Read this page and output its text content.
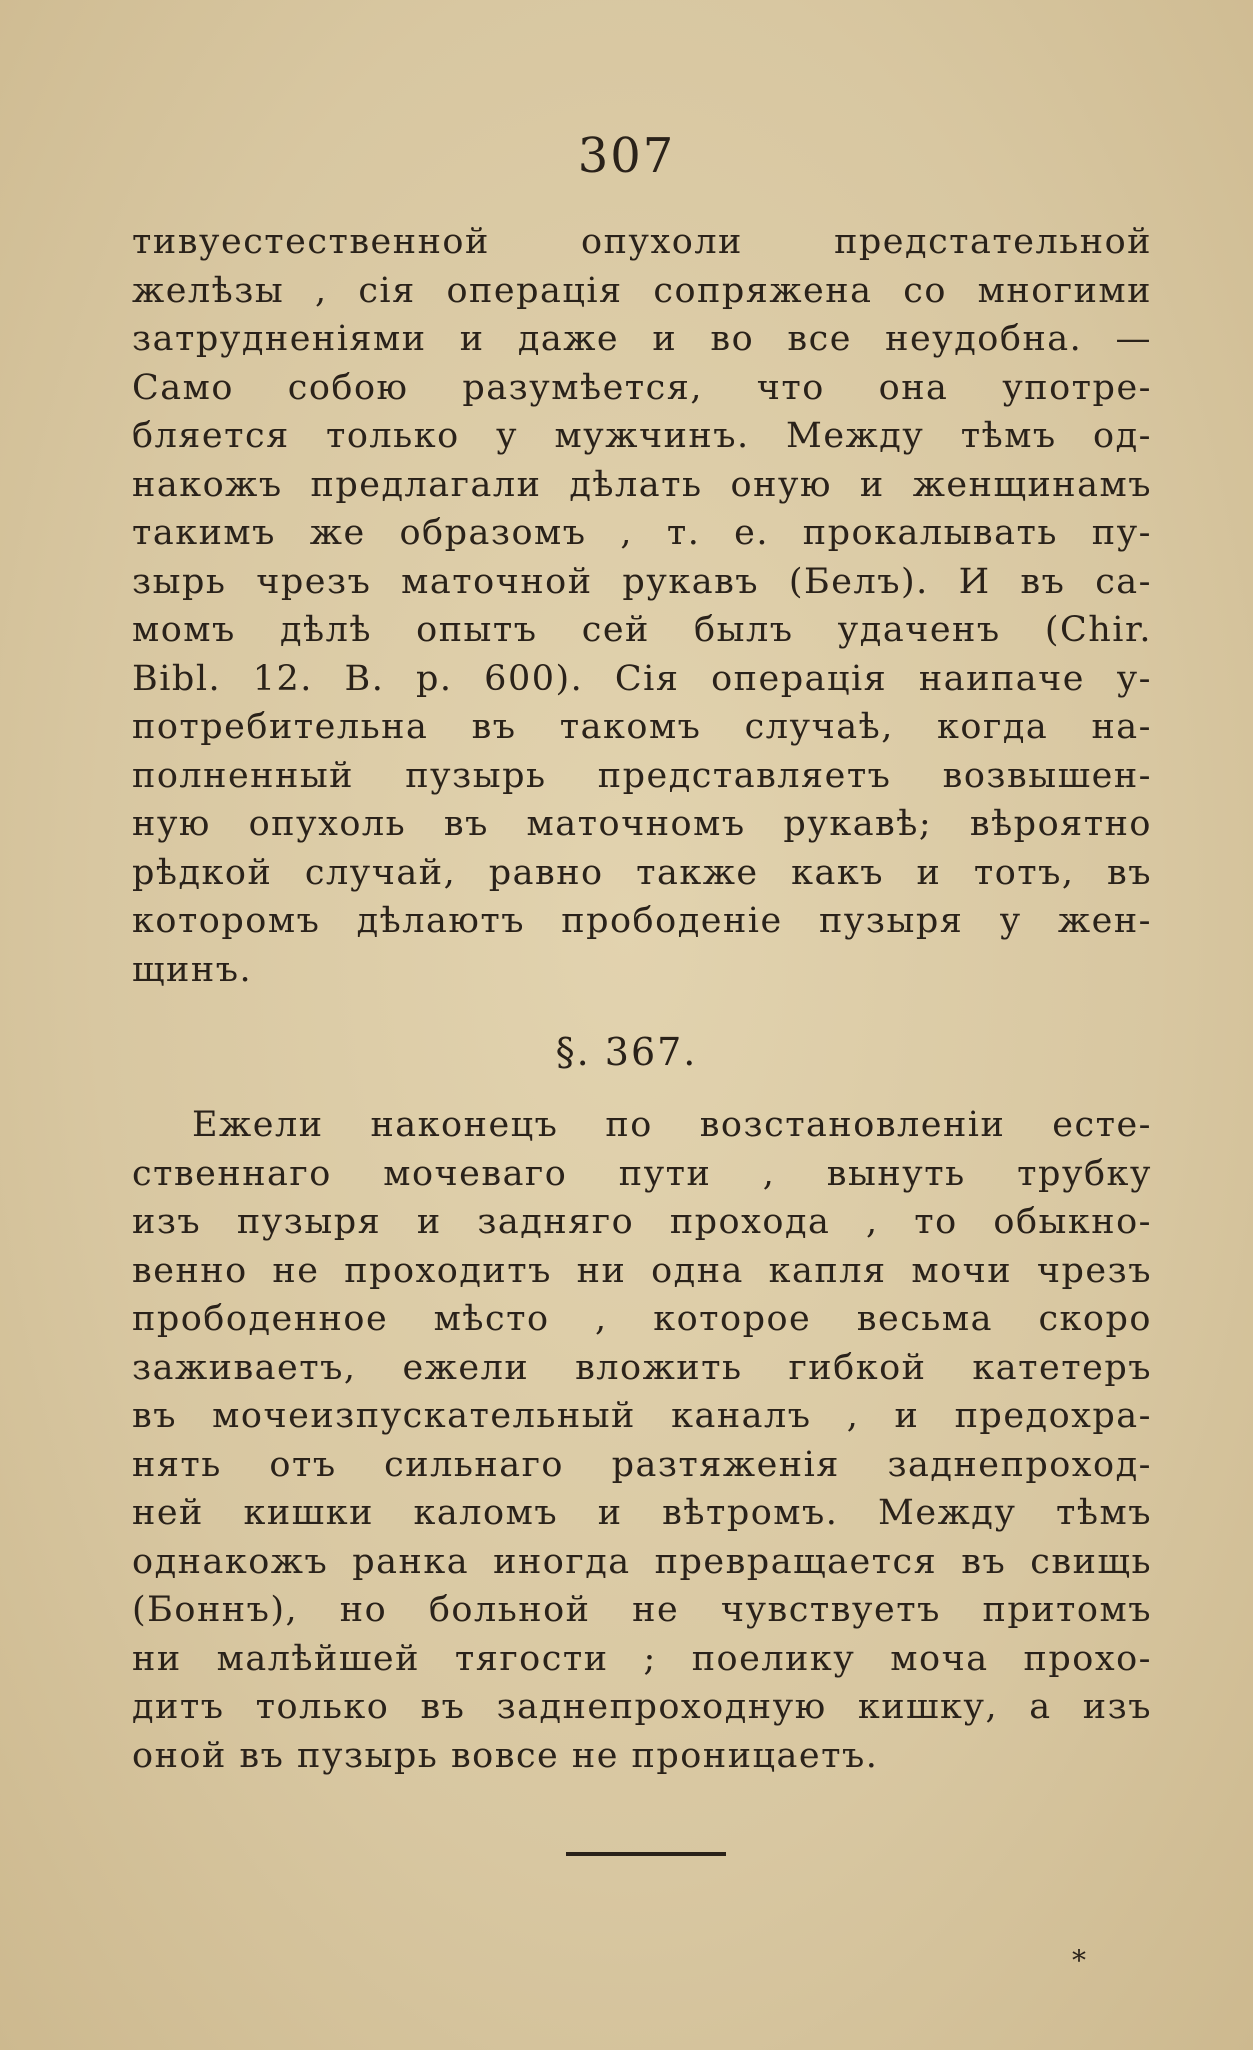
307
тивуестественной опухоли предстательной
желѣзы , сія операція сопряжена со многими
затрудненіями и даже и во все неудобна. —
Само собою разумѣется, что она употре-
бляется только у мужчинъ. Между тѣмъ од-
накожъ предлагали дѣлать оную и женщинамъ
такимъ же образомъ , т. е. прокалывать пу-
зырь чрезъ маточной рукавъ (Белъ). И въ са-
момъ дѣлѣ опытъ сей былъ удаченъ (Chir.
Bibl. 12. B. p. 600). Сія операція наипаче у-
потребительна въ такомъ случаѣ, когда на-
полненный пузырь представляетъ возвышен-
ную опухоль въ маточномъ рукавѣ; вѣроятно
рѣдкой случай, равно также какъ и тотъ, въ
которомъ дѣлаютъ прободеніе пузыря у жен-
щинъ.
§. 367.
Ежели наконецъ по возстановленіи есте-
ственнаго мочеваго пути , вынуть трубку
изъ пузыря и задняго прохода , то обыкно-
венно не проходитъ ни одна капля мочи чрезъ
прободенное мѣсто , которое весьма скоро
заживаетъ, ежели вложить гибкой катетеръ
въ мочеизпускательный каналъ , и предохра-
нять отъ сильнаго разтяженія заднепроход-
ней кишки каломъ и вѣтромъ. Между тѣмъ
однакожъ ранка иногда превращается въ свищь
(Боннъ), но больной не чувствуетъ притомъ
ни малѣйшей тягости ; поелику моча прохо-
дитъ только въ заднепроходную кишку, а изъ
оной въ пузырь вовсе не проницаетъ.
*
